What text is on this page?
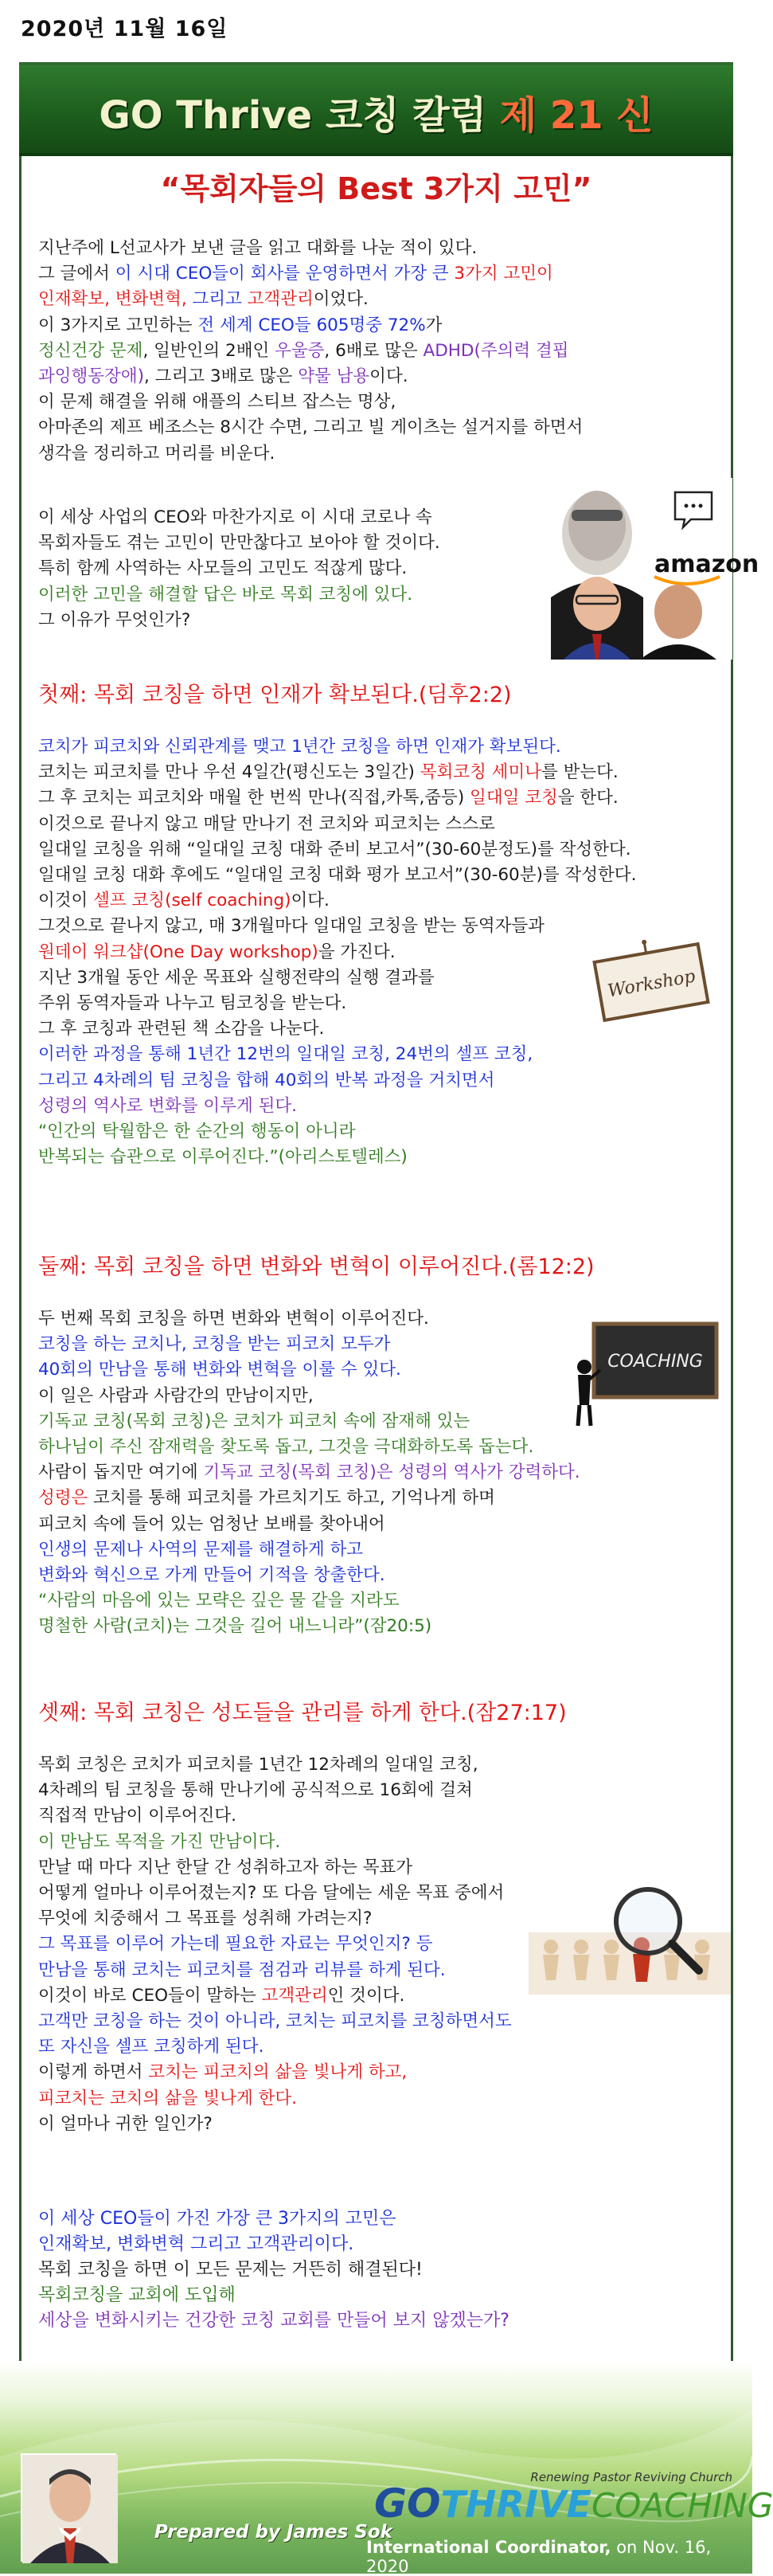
2020년 11월 16일
GO Thrive 코칭 칼럼 제 21 신
“목회자들의 Best 3가지 고민”
지난주에 L선교사가 보낸 글을 읽고 대화를 나눈 적이 있다.
그 글에서 이 시대 CEO들이 회사를 운영하면서 가장 큰 3가지 고민이
인재확보, 변화변혁, 그리고 고객관리이었다.
이 3가지로 고민하는 전 세계 CEO들 605명중 72%가
정신건강 문제, 일반인의 2배인 우울증, 6배로 많은 ADHD(주의력 결핍
과잉행동장애), 그리고 3배로 많은 약물 남용이다.
이 문제 해결을 위해 애플의 스티브 잡스는 명상,
아마존의 제프 베조스는 8시간 수면, 그리고 빌 게이츠는 설거지를 하면서
생각을 정리하고 머리를 비운다.
이 세상 사업의 CEO와 마찬가지로 이 시대 코로나 속
목회자들도 겪는 고민이 만만찮다고 보아야 할 것이다.
특히 함께 사역하는 사모들의 고민도 적잖게 많다.
이러한 고민을 해결할 답은 바로 목회 코칭에 있다.
그 이유가 무엇인가?
amazon
첫째: 목회 코칭을 하면 인재가 확보된다.(딤후2:2)
코치가 피코치와 신뢰관계를 맺고 1년간 코칭을 하면 인재가 확보된다.
코치는 피코치를 만나 우선 4일간(평신도는 3일간) 목회코칭 세미나를 받는다.
그 후 코치는 피코치와 매월 한 번씩 만나(직접,카톡,줌등) 일대일 코칭을 한다.
이것으로 끝나지 않고 매달 만나기 전 코치와 피코치는 스스로
일대일 코칭을 위해 “일대일 코칭 대화 준비 보고서”(30-60분정도)를 작성한다.
일대일 코칭 대화 후에도 “일대일 코칭 대화 평가 보고서”(30-60분)를 작성한다.
이것이 셀프 코칭(self coaching)이다.
그것으로 끝나지 않고, 매 3개월마다 일대일 코칭을 받는 동역자들과
원데이 워크샵(One Day workshop)을 가진다.
지난 3개월 동안 세운 목표와 실행전략의 실행 결과를
주위 동역자들과 나누고 팀코칭을 받는다.
그 후 코칭과 관련된 책 소감을 나눈다.
이러한 과정을 통해 1년간 12번의 일대일 코칭, 24번의 셀프 코칭,
그리고 4차례의 팀 코칭을 합해 40회의 반복 과정을 거치면서
성령의 역사로 변화를 이루게 된다.
“인간의 탁월함은 한 순간의 행동이 아니라
반복되는 습관으로 이루어진다.”(아리스토텔레스)
Workshop
둘째: 목회 코칭을 하면 변화와 변혁이 이루어진다.(롬12:2)
두 번째 목회 코칭을 하면 변화와 변혁이 이루어진다.
코칭을 하는 코치나, 코칭을 받는 피코치 모두가
40회의 만남을 통해 변화와 변혁을 이룰 수 있다.
이 일은 사람과 사람간의 만남이지만,
기독교 코칭(목회 코칭)은 코치가 피코치 속에 잠재해 있는
하나님이 주신 잠재력을 찾도록 돕고, 그것을 극대화하도록 돕는다.
사람이 돕지만 여기에 기독교 코칭(목회 코칭)은 성령의 역사가 강력하다.
성령은 코치를 통해 피코치를 가르치기도 하고, 기억나게 하며
피코치 속에 들어 있는 엄청난 보배를 찾아내어
인생의 문제나 사역의 문제를 해결하게 하고
변화와 혁신으로 가게 만들어 기적을 창출한다.
“사람의 마음에 있는 모략은 깊은 물 같을 지라도
명철한 사람(코치)는 그것을 길어 내느니라”(잠20:5)
COACHING
셋째: 목회 코칭은 성도들을 관리를 하게 한다.(잠27:17)
목회 코칭은 코치가 피코치를 1년간 12차례의 일대일 코칭,
4차례의 팀 코칭을 통해 만나기에 공식적으로 16회에 걸쳐
직접적 만남이 이루어진다.
이 만남도 목적을 가진 만남이다.
만날 때 마다 지난 한달 간 성취하고자 하는 목표가
어떻게 얼마나 이루어졌는지? 또 다음 달에는 세운 목표 중에서
무엇에 치중해서 그 목표를 성취해 가려는지?
그 목표를 이루어 가는데 필요한 자료는 무엇인지? 등
만남을 통해 코치는 피코치를 점검과 리뷰를 하게 된다.
이것이 바로 CEO들이 말하는 고객관리인 것이다.
고객만 코칭을 하는 것이 아니라, 코치는 피코치를 코칭하면서도
또 자신을 셀프 코칭하게 된다.
이렇게 하면서 코치는 피코치의 삶을 빛나게 하고,
피코치는 코치의 삶을 빛나게 한다.
이 얼마나 귀한 일인가?
이 세상 CEO들이 가진 가장 큰 3가지의 고민은
인재확보, 변화변혁 그리고 고객관리이다.
목회 코칭을 하면 이 모든 문제는 거뜬히 해결된다!
목회코칭을 교회에 도입해
세상을 변화시키는 건강한 코칭 교회를 만들어 보지 않겠는가?
Prepared by James Sok
Renewing Pastor Reviving Church
GOTHRIVECOACHING
International Coordinator, on Nov. 16, 2020
